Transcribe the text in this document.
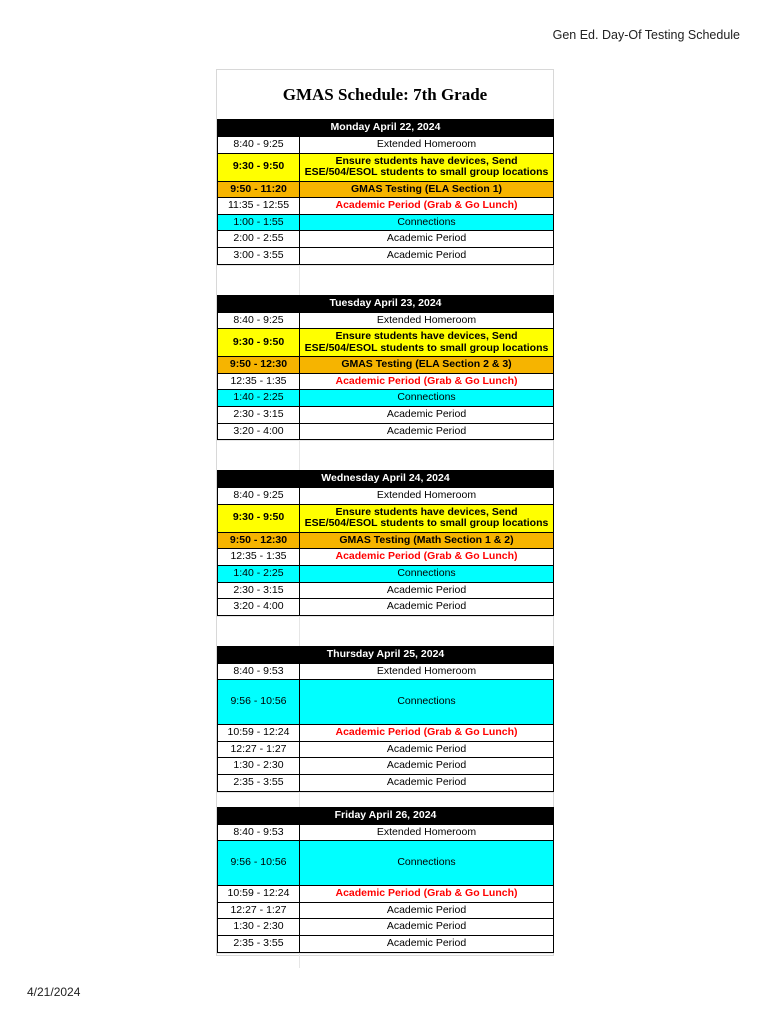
Gen Ed. Day-Of Testing Schedule
GMAS Schedule: 7th Grade
Monday April 22, 2024	
8:40 - 9:25	Extended Homeroom
9:30 - 9:50	Ensure students have devices, Send ESE/504/ESOL students to small group locations
9:50 - 11:20	GMAS Testing (ELA Section 1)
11:35 - 12:55	Academic Period (Grab & Go Lunch)
1:00 - 1:55	Connections
2:00 - 2:55	Academic Period
3:00 - 3:55	Academic Period
Tuesday April 23, 2024	
8:40 - 9:25	Extended Homeroom
9:30 - 9:50	Ensure students have devices, Send ESE/504/ESOL students to small group locations
9:50 - 12:30	GMAS Testing (ELA Section 2 & 3)
12:35 - 1:35	Academic Period (Grab & Go Lunch)
1:40 - 2:25	Connections
2:30 - 3:15	Academic Period
3:20 - 4:00	Academic Period
Wednesday April 24, 2024	
8:40 - 9:25	Extended Homeroom
9:30 - 9:50	Ensure students have devices, Send ESE/504/ESOL students to small group locations
9:50 - 12:30	GMAS Testing (Math Section 1 & 2)
12:35 - 1:35	Academic Period (Grab & Go Lunch)
1:40 - 2:25	Connections
2:30 - 3:15	Academic Period
3:20 - 4:00	Academic Period
Thursday April 25, 2024	
8:40 - 9:53	Extended Homeroom
9:56 - 10:56	Connections
10:59 - 12:24	Academic Period (Grab & Go Lunch)
12:27 - 1:27	Academic Period
1:30 - 2:30	Academic Period
2:35 - 3:55	Academic Period
Friday April 26, 2024	
8:40 - 9:53	Extended Homeroom
9:56 - 10:56	Connections
10:59 - 12:24	Academic Period (Grab & Go Lunch)
12:27 - 1:27	Academic Period
1:30 - 2:30	Academic Period
2:35 - 3:55	Academic Period
4/21/2024
